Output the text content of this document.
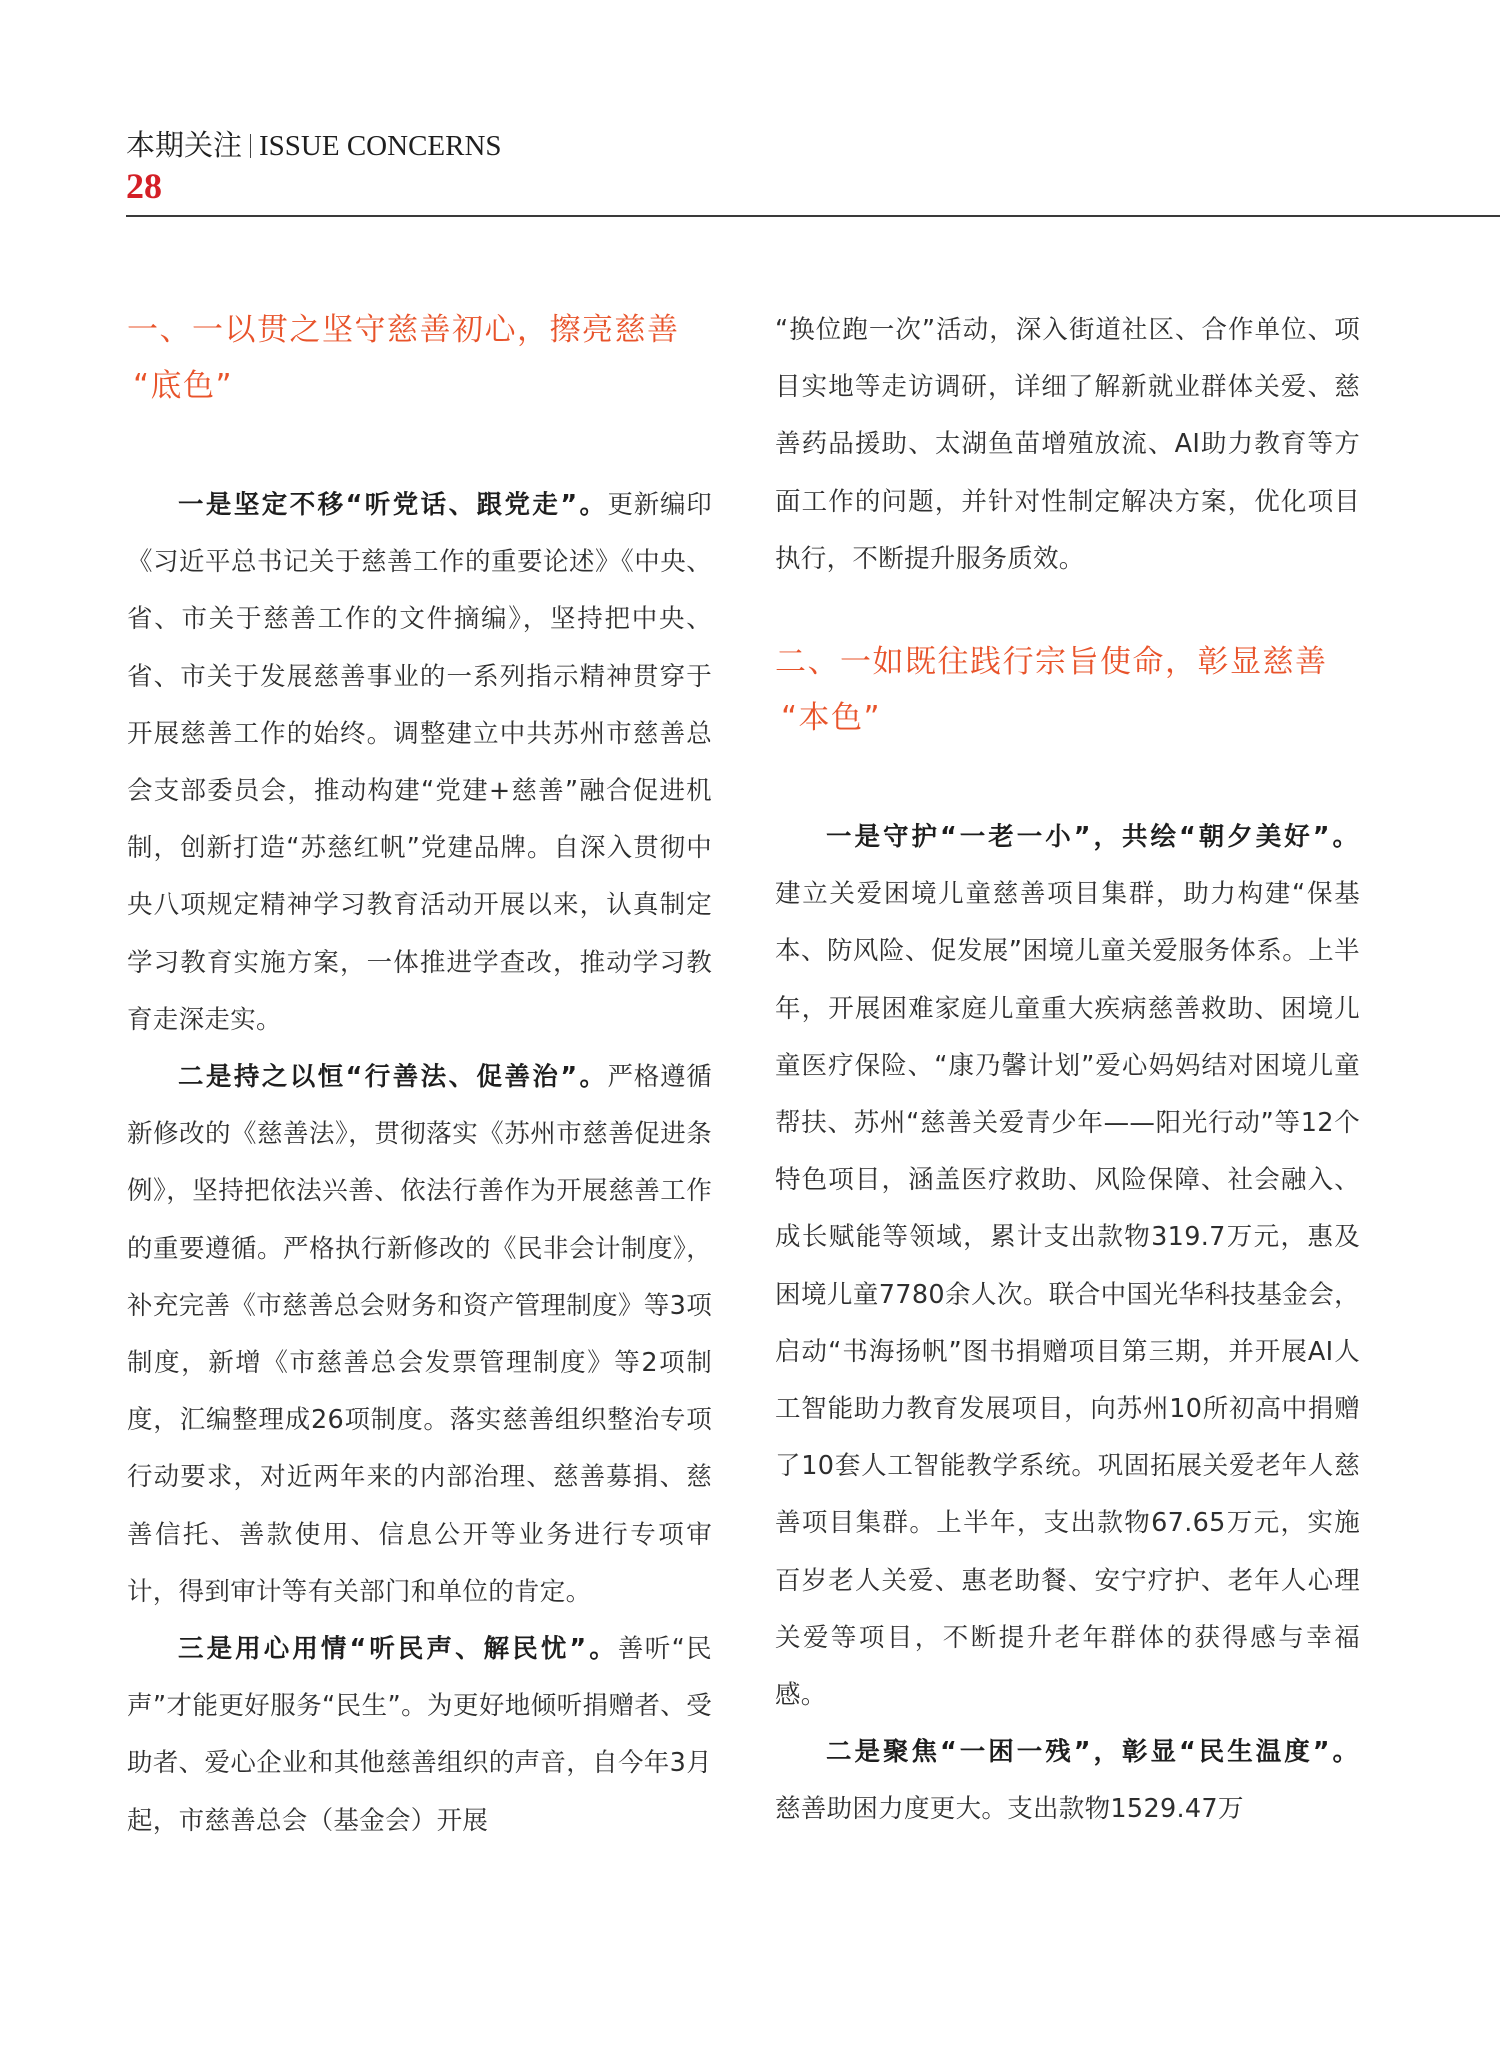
本期关注 ISSUE CONCERNS
28
一、一以贯之坚守慈善初心，擦亮慈善
“底色”

一是坚定不移“听党话、跟党走”。更新编印《习近平总书记关于慈善工作的重要论述》《中央、省、市关于慈善工作的文件摘编》，坚持把中央、省、市关于发展慈善事业的一系列指示精神贯穿于开展慈善工作的始终。调整建立中共苏州市慈善总会支部委员会，推动构建“党建+慈善”融合促进机制，创新打造“苏慈红帆”党建品牌。自深入贯彻中央八项规定精神学习教育活动开展以来，认真制定学习教育实施方案，一体推进学查改，推动学习教育走深走实。

二是持之以恒“行善法、促善治”。严格遵循新修改的《慈善法》，贯彻落实《苏州市慈善促进条例》，坚持把依法兴善、依法行善作为开展慈善工作的重要遵循。严格执行新修改的《民非会计制度》，补充完善《市慈善总会财务和资产管理制度》等3项制度，新增《市慈善总会发票管理制度》等2项制度，汇编整理成26项制度。落实慈善组织整治专项行动要求，对近两年来的内部治理、慈善募捐、慈善信托、善款使用、信息公开等业务进行专项审计，得到审计等有关部门和单位的肯定。

三是用心用情“听民声、解民忧”。善听“民声”才能更好服务“民生”。为更好地倾听捐赠者、受助者、爱心企业和其他慈善组织的声音，自今年3月起，市慈善总会（基金会）开展

“换位跑一次”活动，深入街道社区、合作单位、项目实地等走访调研，详细了解新就业群体关爱、慈善药品援助、太湖鱼苗增殖放流、AI助力教育等方面工作的问题，并针对性制定解决方案，优化项目执行，不断提升服务质效。

二、一如既往践行宗旨使命，彰显慈善
“本色”

一是守护“一老一小”，共绘“朝夕美好”。建立关爱困境儿童慈善项目集群，助力构建“保基本、防风险、促发展”困境儿童关爱服务体系。上半年，开展困难家庭儿童重大疾病慈善救助、困境儿童医疗保险、“康乃馨计划”爱心妈妈结对困境儿童帮扶、苏州“慈善关爱青少年——阳光行动”等12个特色项目，涵盖医疗救助、风险保障、社会融入、成长赋能等领域，累计支出款物319.7万元，惠及困境儿童7780余人次。联合中国光华科技基金会，启动“书海扬帆”图书捐赠项目第三期，并开展AI人工智能助力教育发展项目，向苏州10所初高中捐赠了10套人工智能教学系统。巩固拓展关爱老年人慈善项目集群。上半年，支出款物67.65万元，实施百岁老人关爱、惠老助餐、安宁疗护、老年人心理关爱等项目，不断提升老年群体的获得感与幸福感。

二是聚焦“一困一残”，彰显“民生温度”。慈善助困力度更大。支出款物1529.47万
